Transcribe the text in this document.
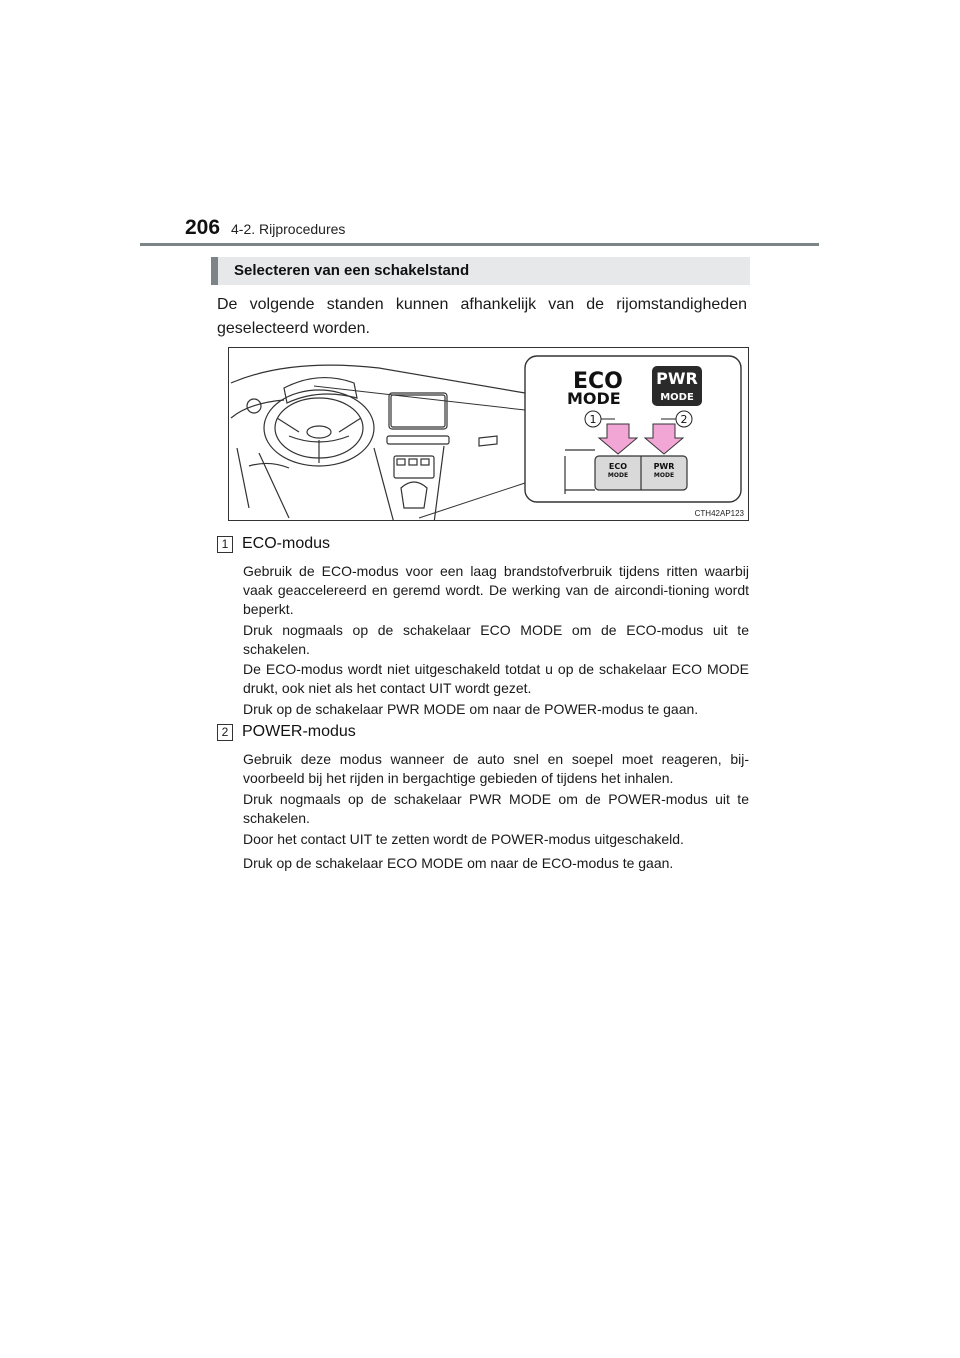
206 4-2. Rijprocedures
Selecteren van een schakelstand
De volgende standen kunnen afhankelijk van de rijomstandigheden geselecteerd worden.
ECO
MODE
PWR
MODE
1	2
ECO
MODE
PWR
MODE
CTH42AP123
1 ECO-modus

Gebruik de ECO-modus voor een laag brandstofverbruik tijdens ritten waarbij vaak geaccelereerd en geremd wordt. De werking van de aircondi-tioning wordt beperkt.

Druk nogmaals op de schakelaar ECO MODE om de ECO-modus uit te schakelen.

De ECO-modus wordt niet uitgeschakeld totdat u op de schakelaar ECO MODE drukt, ook niet als het contact UIT wordt gezet.

Druk op de schakelaar PWR MODE om naar de POWER-modus te gaan.

2 POWER-modus

Gebruik deze modus wanneer de auto snel en soepel moet reageren, bij-voorbeeld bij het rijden in bergachtige gebieden of tijdens het inhalen.

Druk nogmaals op de schakelaar PWR MODE om de POWER-modus uit te schakelen.

Door het contact UIT te zetten wordt de POWER-modus uitgeschakeld.

Druk op de schakelaar ECO MODE om naar de ECO-modus te gaan.
